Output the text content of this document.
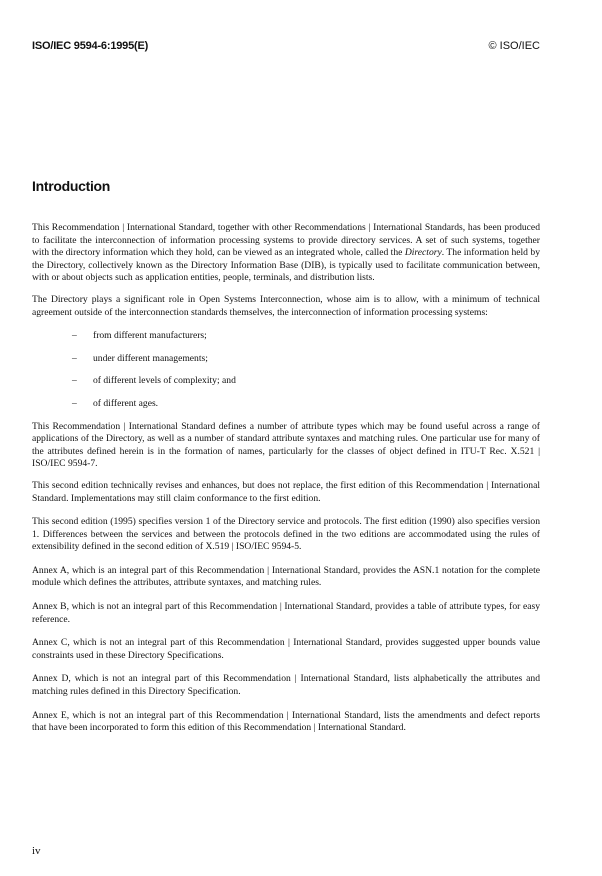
ISO/IEC 9594-6:1995(E)	© ISO/IEC
Introduction

This Recommendation | International Standard, together with other Recommendations | International Standards, has been produced to facilitate the interconnection of information processing systems to provide directory services. A set of such systems, together with the directory information which they hold, can be viewed as an integrated whole, called the Directory. The information held by the Directory, collectively known as the Directory Information Base (DIB), is typically used to facilitate communication between, with or about objects such as application entities, people, terminals, and distribution lists.

The Directory plays a significant role in Open Systems Interconnection, whose aim is to allow, with a minimum of technical agreement outside of the interconnection standards themselves, the interconnection of information processing systems:

– from different manufacturers;
– under different managements;
– of different levels of complexity; and
– of different ages.

This Recommendation | International Standard defines a number of attribute types which may be found useful across a range of applications of the Directory, as well as a number of standard attribute syntaxes and matching rules. One particular use for many of the attributes defined herein is in the formation of names, particularly for the classes of object defined in ITU-T Rec. X.521 | ISO/IEC 9594-7.

This second edition technically revises and enhances, but does not replace, the first edition of this Recommendation | International Standard. Implementations may still claim conformance to the first edition.

This second edition (1995) specifies version 1 of the Directory service and protocols. The first edition (1990) also specifies version 1. Differences between the services and between the protocols defined in the two editions are accommodated using the rules of extensibility defined in the second edition of X.519 | ISO/IEC 9594-5.

Annex A, which is an integral part of this Recommendation | International Standard, provides the ASN.1 notation for the complete module which defines the attributes, attribute syntaxes, and matching rules.

Annex B, which is not an integral part of this Recommendation | International Standard, provides a table of attribute types, for easy reference.

Annex C, which is not an integral part of this Recommendation | International Standard, provides suggested upper bounds value constraints used in these Directory Specifications.

Annex D, which is not an integral part of this Recommendation | International Standard, lists alphabetically the attributes and matching rules defined in this Directory Specification.

Annex E, which is not an integral part of this Recommendation | International Standard, lists the amendments and defect reports that have been incorporated to form this edition of this Recommendation | International Standard.

iv
